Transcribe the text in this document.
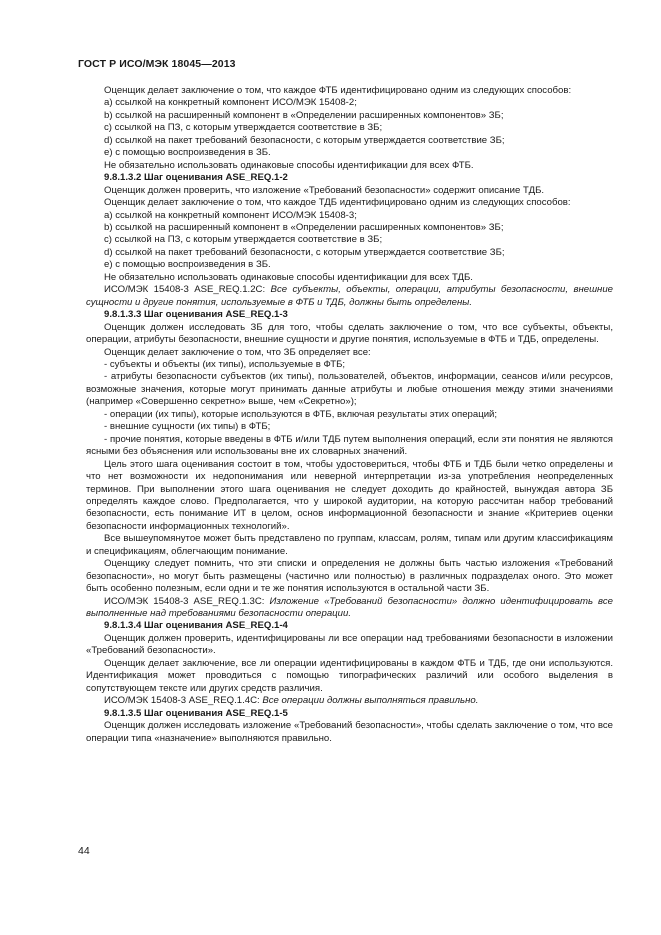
ГОСТ Р ИСО/МЭК 18045—2013

Оценщик делает заключение о том, что каждое ФТБ идентифицировано одним из следующих способов:

a) ссылкой на конкретный компонент ИСО/МЭК 15408-2;

b) ссылкой на расширенный компонент в «Определении расширенных компонентов» ЗБ;

c) ссылкой на ПЗ, с которым утверждается соответствие в ЗБ;

d) ссылкой на пакет требований безопасности, с которым утверждается соответствие ЗБ;

e) с помощью воспроизведения в ЗБ.

Не обязательно использовать одинаковые способы идентификации для всех ФТБ.

9.8.1.3.2 Шаг оценивания ASE_REQ.1-2

Оценщик должен проверить, что изложение «Требований безопасности» содержит описание ТДБ.

Оценщик делает заключение о том, что каждое ТДБ идентифицировано одним из следующих способов:

a) ссылкой на конкретный компонент ИСО/МЭК 15408-3;

b) ссылкой на расширенный компонент в «Определении расширенных компонентов» ЗБ;

c) ссылкой на ПЗ, с которым утверждается соответствие в ЗБ;

d) ссылкой на пакет требований безопасности, с которым утверждается соответствие ЗБ;

e) с помощью воспроизведения в ЗБ.

Не обязательно использовать одинаковые способы идентификации для всех ТДБ.

ИСО/МЭК 15408-3 ASE_REQ.1.2C: Все субъекты, объекты, операции, атрибуты безопасности, внешние сущности и другие понятия, используемые в ФТБ и ТДБ, должны быть определены.

9.8.1.3.3 Шаг оценивания ASE_REQ.1-3

Оценщик должен исследовать ЗБ для того, чтобы сделать заключение о том, что все субъекты, объекты, операции, атрибуты безопасности, внешние сущности и другие понятия, используемые в ФТБ и ТДБ, определены.

Оценщик делает заключение о том, что ЗБ определяет все:

- субъекты и объекты (их типы), используемые в ФТБ;

- атрибуты безопасности субъектов (их типы), пользователей, объектов, информации, сеансов и/или ресурсов, возможные значения, которые могут принимать данные атрибуты и любые отношения между этими значениями (например «Совершенно секретно» выше, чем «Секретно»);

- операции (их типы), которые используются в ФТБ, включая результаты этих операций;

- внешние сущности (их типы) в ФТБ;

- прочие понятия, которые введены в ФТБ и/или ТДБ путем выполнения операций, если эти понятия не являются ясными без объяснения или использованы вне их словарных значений.

Цель этого шага оценивания состоит в том, чтобы удостовериться, чтобы ФТБ и ТДБ были четко определены и что нет возможности их недопонимания или неверной интерпретации из-за употребления неопределенных терминов. При выполнении этого шага оценивания не следует доходить до крайностей, вынуждая автора ЗБ определять каждое слово. Предполагается, что у широкой аудитории, на которую рассчитан набор требований безопасности, есть понимание ИТ в целом, основ информационной безопасности и знание «Критериев оценки безопасности информационных технологий».

Все вышеупомянутое может быть представлено по группам, классам, ролям, типам или другим классификациям и спецификациям, облегчающим понимание.

Оценщику следует помнить, что эти списки и определения не должны быть частью изложения «Требований безопасности», но могут быть размещены (частично или полностью) в различных подразделах оного. Это может быть особенно полезным, если одни и те же понятия используются в остальной части ЗБ.

ИСО/МЭК 15408-3 ASE_REQ.1.3C: Изложение «Требований безопасности» должно идентифицировать все выполненные над требованиями безопасности операции.

9.8.1.3.4 Шаг оценивания ASE_REQ.1-4

Оценщик должен проверить, идентифицированы ли все операции над требованиями безопасности в изложении «Требований безопасности».

Оценщик делает заключение, все ли операции идентифицированы в каждом ФТБ и ТДБ, где они используются. Идентификация может проводиться с помощью типографических различий или особого выделения в сопутствующем тексте или других средств различия.

ИСО/МЭК 15408-3 ASE_REQ.1.4C: Все операции должны выполняться правильно.

9.8.1.3.5 Шаг оценивания ASE_REQ.1-5

Оценщик должен исследовать изложение «Требований безопасности», чтобы сделать заключение о том, что все операции типа «назначение» выполняются правильно.

44
